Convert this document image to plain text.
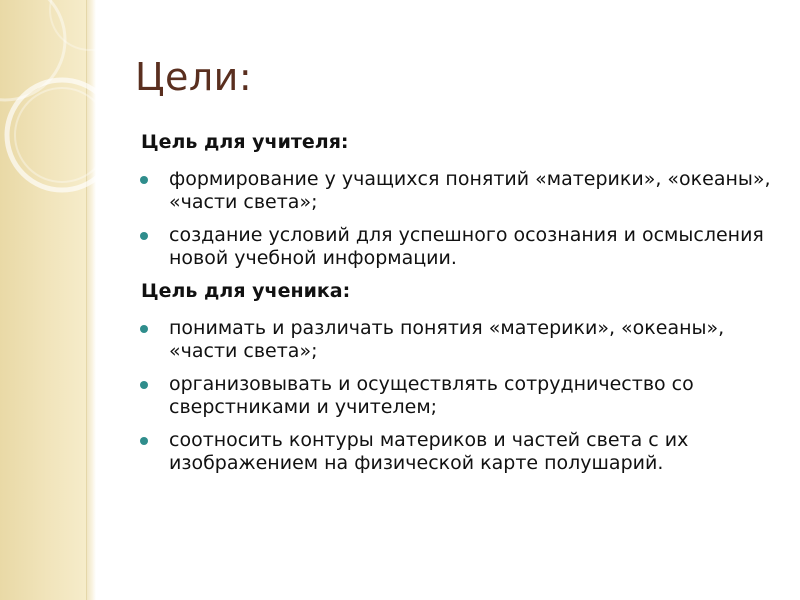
Цели:
Цель для учителя:
формирование у учащихся понятий «материки», «океаны», «части света»;
создание условий для успешного осознания и осмысления новой учебной информации.
Цель для ученика:
понимать и различать понятия «материки», «океаны», «части света»;
организовывать и осуществлять сотрудничество со сверстниками и учителем;
соотносить контуры материков и частей света с их изображением на физической карте полушарий.
